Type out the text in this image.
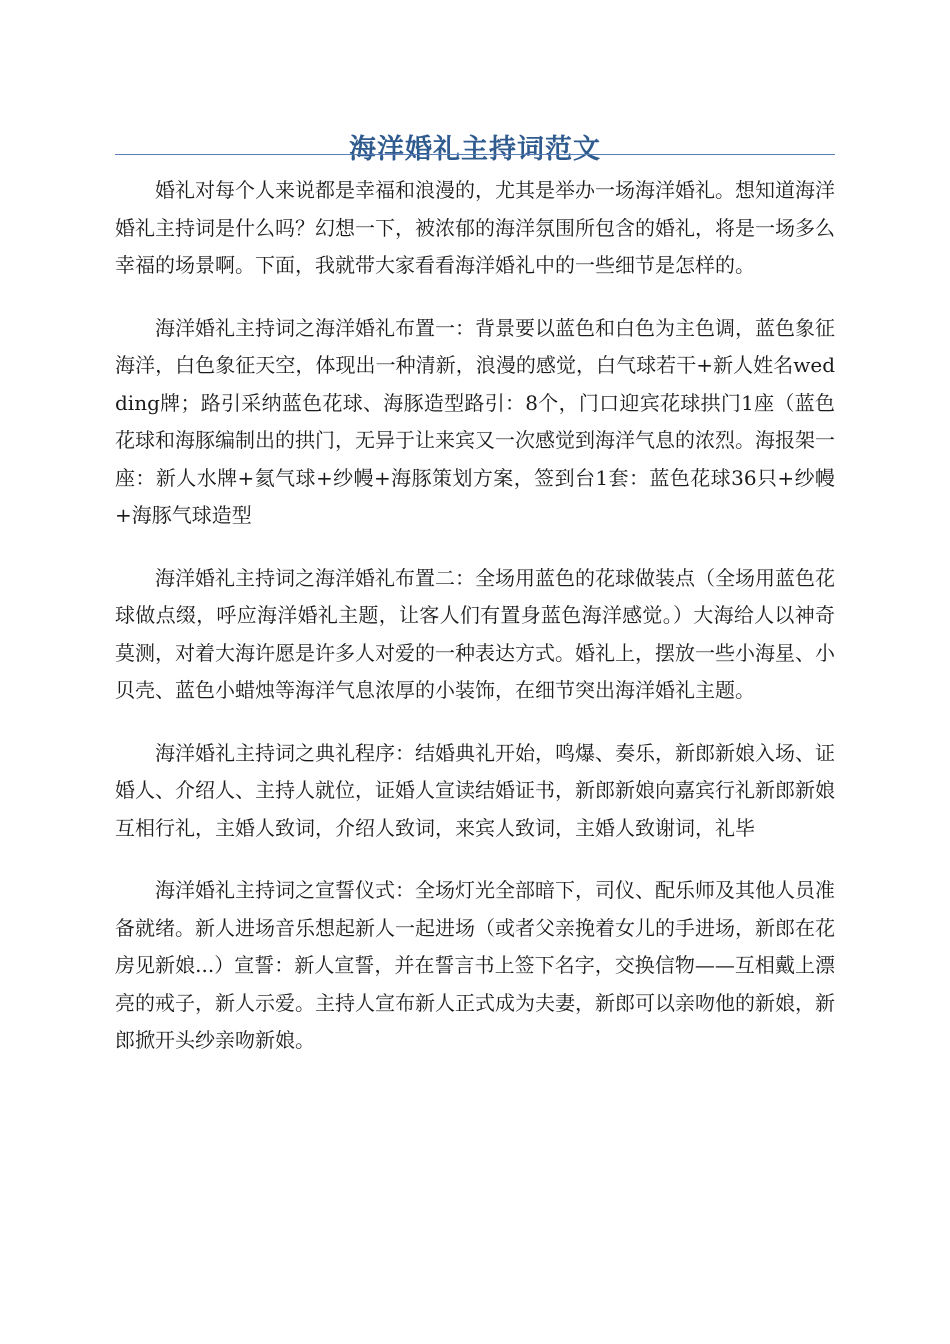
海洋婚礼主持词范文

婚礼对每个人来说都是幸福和浪漫的，尤其是举办一场海洋婚礼。想知道海洋婚礼主持词是什么吗？幻想一下，被浓郁的海洋氛围所包含的婚礼，将是一场多么幸福的场景啊。下面，我就带大家看看海洋婚礼中的一些细节是怎样的。

海洋婚礼主持词之海洋婚礼布置一：背景要以蓝色和白色为主色调，蓝色象征海洋，白色象征天空，体现出一种清新，浪漫的感觉，白气球若干+新人姓名wedding牌；路引采纳蓝色花球、海豚造型路引：8个，门口迎宾花球拱门1座（蓝色花球和海豚编制出的拱门，无异于让来宾又一次感觉到海洋气息的浓烈。海报架一座：新人水牌+氦气球+纱幔+海豚策划方案，签到台1套：蓝色花球36只+纱幔+海豚气球造型

海洋婚礼主持词之海洋婚礼布置二：全场用蓝色的花球做装点（全场用蓝色花球做点缀，呼应海洋婚礼主题，让客人们有置身蓝色海洋感觉。）大海给人以神奇莫测，对着大海许愿是许多人对爱的一种表达方式。婚礼上，摆放一些小海星、小贝壳、蓝色小蜡烛等海洋气息浓厚的小装饰，在细节突出海洋婚礼主题。

海洋婚礼主持词之典礼程序：结婚典礼开始，鸣爆、奏乐，新郎新娘入场、证婚人、介绍人、主持人就位，证婚人宣读结婚证书，新郎新娘向嘉宾行礼新郎新娘互相行礼，主婚人致词，介绍人致词，来宾人致词，主婚人致谢词，礼毕

海洋婚礼主持词之宣誓仪式：全场灯光全部暗下，司仪、配乐师及其他人员准备就绪。新人进场音乐想起新人一起进场（或者父亲挽着女儿的手进场，新郎在花房见新娘...）宣誓：新人宣誓，并在誓言书上签下名字，交换信物——互相戴上漂亮的戒子，新人示爱。主持人宣布新人正式成为夫妻，新郎可以亲吻他的新娘，新郎掀开头纱亲吻新娘。
